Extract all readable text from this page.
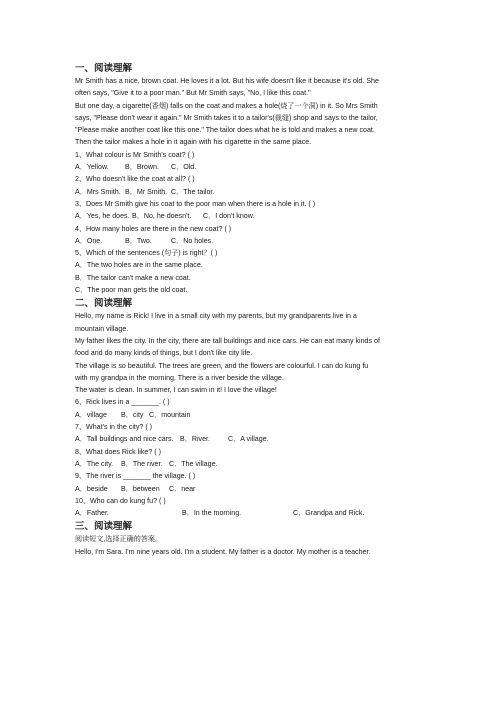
一、阅读理解

Mr Smith has a nice, brown coat. He loves it a lot. But his wife doesn't like it because it's old. She

often says, "Give it to a poor man." But Mr Smith says, "No, I like this coat."

But one day, a cigarette(香烟) falls on the coat and makes a hole(烧了一个洞) in it. So Mrs Smith

says, "Please don't wear it again." Mr Smith takes it to a tailor's(裁缝) shop and says to the tailor,

"Please make another coat like this one." The tailor does what he is told and makes a new coat.

Then the tailor makes a hole in it again with his cigarette in the same place.

1、What colour is Mr Smith's coat? ( )

A．Yellow. B．Brown. C．Old.

2、Who doesn't like the coat at all? ( )

A．Mrs Smith. B．Mr Smith. C．The tailor.

3、Does Mr Smith give his coat to the poor man when there is a hole in it. ( )

A．Yes, he does. B．No, he doesn't. C．I don't know.

4、How many holes are there in the new coat? ( )

A．One.	B．Two.	C．No holes.

5、Which of the sentences (句子) is right？( )

A．The two holes are in the same place.

B．The tailor can't make a new coat.

C．The poor man gets the old coat.

二、阅读理解

Hello, my name is Rick! I live in a small city with my parents, but my grandparents live in a

mountain village.

My father likes the city. In the city, there are tall buildings and nice cars. He can eat many kinds of

food and do many kinds of things, but I don't like city life.

The village is so beautiful. The trees are green, and the flowers are colourful. I can do kung fu

with my grandpa in the morning. There is a river beside the village.

The water is clean. In summer, I can swim in it! I love the village!

6、Rick lives in a _______. ( )

A．village B．city C．mountain

7、What's in the city? ( )

A．Tall buildings and nice cars. B．River.	C．A village.

8、What does Rick like? ( )

A．The city. B．The river. C．The village.

9、The river is _______ the village. ( )

A．beside B．between C．near

10、Who can do kung fu? ( )

A．Father.	B．In the morning.	C．Grandpa and Rick.

三、阅读理解

阅读短文,选择正确的答案。

Hello, I'm Sara. I'm nine years old. I'm a student. My father is a doctor. My mother is a teacher.
